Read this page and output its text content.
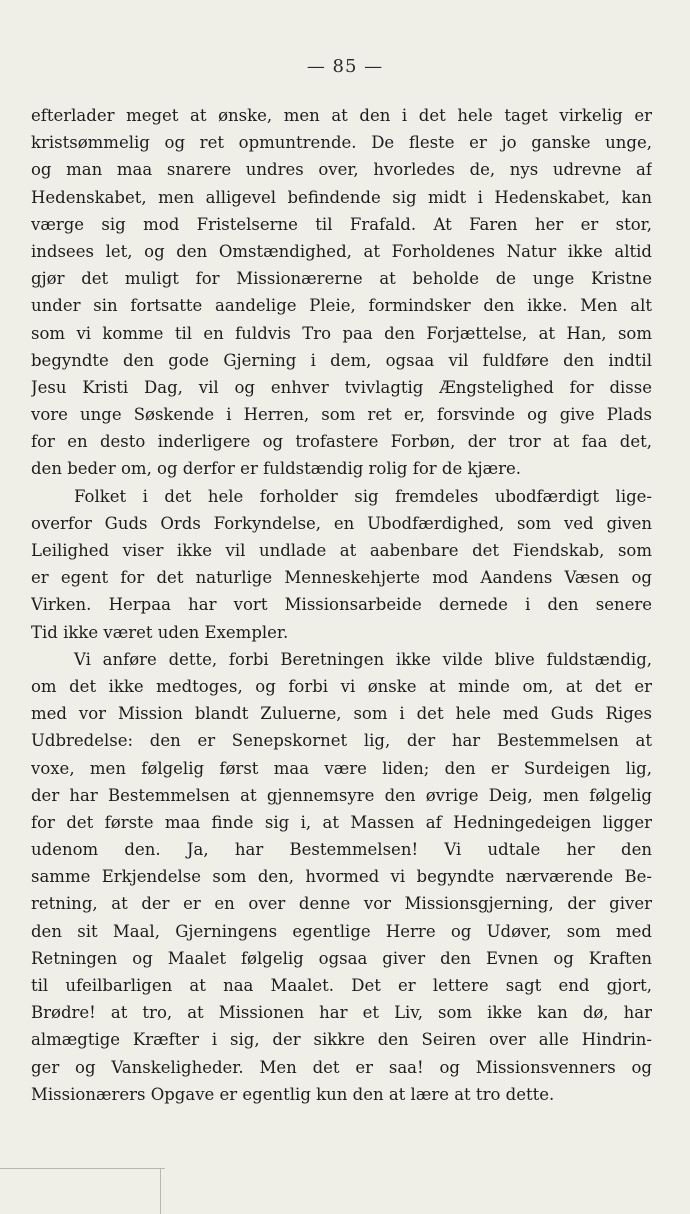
— 85 —
efterlader meget at ønske, men at den i det hele taget virkelig er
kristsømmelig og ret opmuntrende. De fleste er jo ganske unge,
og man maa snarere undres over, hvorledes de, nys udrevne af
Hedenskabet, men alligevel befindende sig midt i Hedenskabet, kan
værge sig mod Fristelserne til Frafald. At Faren her er stor,
indsees let, og den Omstændighed, at Forholdenes Natur ikke altid
gjør det muligt for Missionærerne at beholde de unge Kristne
under sin fortsatte aandelige Pleie, formindsker den ikke. Men alt
som vi komme til en fuldvis Tro paa den Forjættelse, at Han, som
begyndte den gode Gjerning i dem, ogsaa vil fuldføre den indtil
Jesu Kristi Dag, vil og enhver tvivlagtig Ængstelighed for disse
vore unge Søskende i Herren, som ret er, forsvinde og give Plads
for en desto inderligere og trofastere Forbøn, der tror at faa det,
den beder om, og derfor er fuldstændig rolig for de kjære.
Folket i det hele forholder sig fremdeles ubodfærdigt lige-
overfor Guds Ords Forkyndelse, en Ubodfærdighed, som ved given
Leilighed viser ikke vil undlade at aabenbare det Fiendskab, som
er egent for det naturlige Menneskehjerte mod Aandens Væsen og
Virken. Herpaa har vort Missionsarbeide dernede i den senere
Tid ikke været uden Exempler.
Vi anføre dette, forbi Beretningen ikke vilde blive fuldstændig,
om det ikke medtoges, og forbi vi ønske at minde om, at det er
med vor Mission blandt Zuluerne, som i det hele med Guds Riges
Udbredelse: den er Senepskornet lig, der har Bestemmelsen at
voxe, men følgelig først maa være liden; den er Surdeigen lig,
der har Bestemmelsen at gjennemsyre den øvrige Deig, men følgelig
for det første maa finde sig i, at Massen af Hedningedeigen ligger
udenom den. Ja, har Bestemmelsen! Vi udtale her den
samme Erkjendelse som den, hvormed vi begyndte nærværende Be-
retning, at der er en over denne vor Missionsgjerning, der giver
den sit Maal, Gjerningens egentlige Herre og Udøver, som med
Retningen og Maalet følgelig ogsaa giver den Evnen og Kraften
til ufeilbarligen at naa Maalet. Det er lettere sagt end gjort,
Brødre! at tro, at Missionen har et Liv, som ikke kan dø, har
almægtige Kræfter i sig, der sikkre den Seiren over alle Hindrin-
ger og Vanskeligheder. Men det er saa! og Missionsvenners og
Missionærers Opgave er egentlig kun den at lære at tro dette.
